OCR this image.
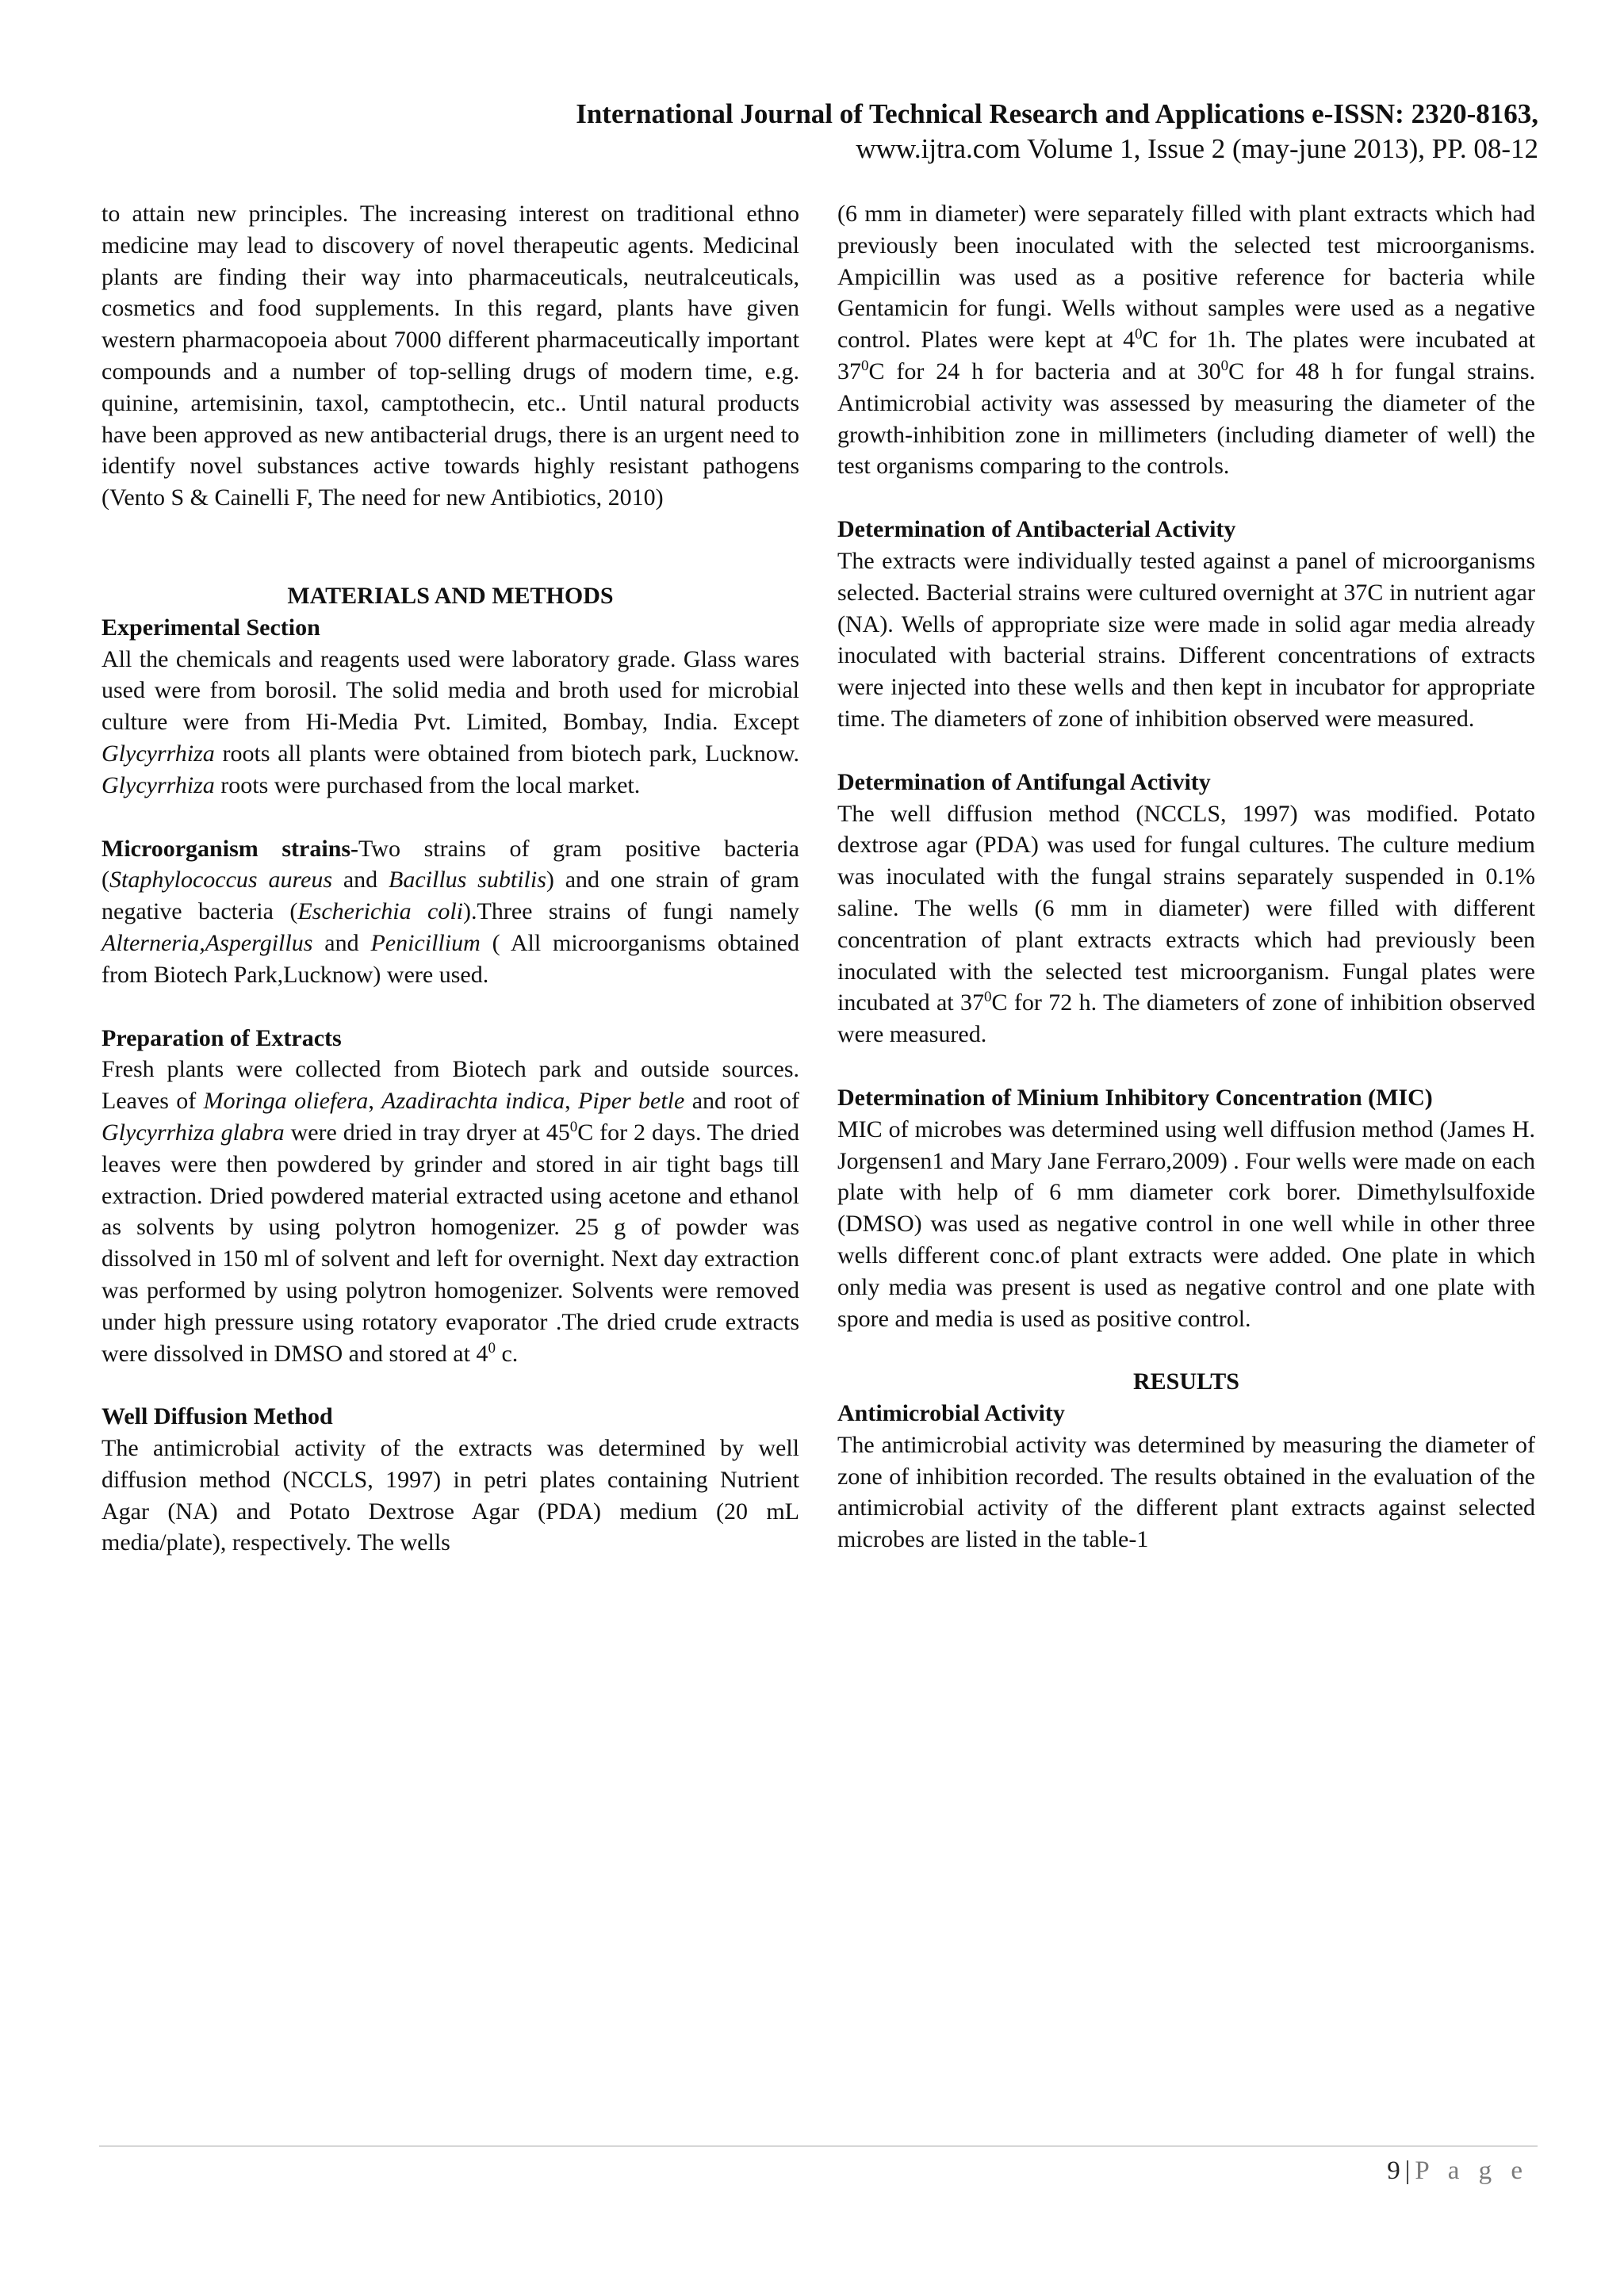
International Journal of Technical Research and Applications e-ISSN: 2320-8163,
www.ijtra.com Volume 1, Issue 2 (may-june 2013), PP. 08-12

to attain new principles. The increasing interest on traditional ethno medicine may lead to discovery of novel therapeutic agents. Medicinal plants are finding their way into pharmaceuticals, neutralceuticals, cosmetics and food supplements. In this regard, plants have given western pharmacopoeia about 7000 different pharmaceutically important compounds and a number of top-selling drugs of modern time, e.g. quinine, artemisinin, taxol, camptothecin, etc.. Until natural products have been approved as new antibacterial drugs, there is an urgent need to identify novel substances active towards highly resistant pathogens (Vento S & Cainelli F, The need for new Antibiotics, 2010)

MATERIALS AND METHODS
Experimental Section

All the chemicals and reagents used were laboratory grade. Glass wares used were from borosil. The solid media and broth used for microbial culture were from Hi-Media Pvt. Limited, Bombay, India. Except Glycyrrhiza roots all plants were obtained from biotech park, Lucknow. Glycyrrhiza roots were purchased from the local market.

Microorganism strains-Two strains of gram positive bacteria (Staphylococcus aureus and Bacillus subtilis) and one strain of gram negative bacteria (Escherichia coli).Three strains of fungi namely Alterneria,Aspergillus and Penicillium ( All microorganisms obtained from Biotech Park,Lucknow) were used.

Preparation of Extracts

Fresh plants were collected from Biotech park and outside sources. Leaves of Moringa oliefera, Azadirachta indica, Piper betle and root of Glycyrrhiza glabra were dried in tray dryer at $45^0C$ for 2 days. The dried leaves were then powdered by grinder and stored in air tight bags till extraction. Dried powdered material extracted using acetone and ethanol as solvents by using polytron homogenizer. 25 g of powder was dissolved in 150 ml of solvent and left for overnight. Next day extraction was performed by using polytron homogenizer. Solvents were removed under high pressure using rotatory evaporator .The dried crude extracts were dissolved in DMSO and stored at $4^0$ c.

Well Diffusion Method

The antimicrobial activity of the extracts was determined by well diffusion method (NCCLS, 1997) in petri plates containing Nutrient Agar (NA) and Potato Dextrose Agar (PDA) medium (20 mL media/plate), respectively. The wells

(6 mm in diameter) were separately filled with plant extracts which had previously been inoculated with the selected test microorganisms. Ampicillin was used as a positive reference for bacteria while Gentamicin for fungi. Wells without samples were used as a negative control. Plates were kept at $4^0C$ for 1h. The plates were incubated at $37^0C$ for 24 h for bacteria and at $30^0C$ for 48 h for fungal strains. Antimicrobial activity was assessed by measuring the diameter of the growth-inhibition zone in millimeters (including diameter of well) the test organisms comparing to the controls.

Determination of Antibacterial Activity

The extracts were individually tested against a panel of microorganisms selected. Bacterial strains were cultured overnight at 37C in nutrient agar (NA). Wells of appropriate size were made in solid agar media already inoculated with bacterial strains. Different concentrations of extracts were injected into these wells and then kept in incubator for appropriate time. The diameters of zone of inhibition observed were measured.

Determination of Antifungal Activity

The well diffusion method (NCCLS, 1997) was modified. Potato dextrose agar (PDA) was used for fungal cultures. The culture medium was inoculated with the fungal strains separately suspended in 0.1% saline. The wells (6 mm in diameter) were filled with different concentration of plant extracts extracts which had previously been inoculated with the selected test microorganism. Fungal plates were incubated at $37^0C$ for 72 h. The diameters of zone of inhibition observed were measured.

Determination of Minium Inhibitory Concentration (MIC)

MIC of microbes was determined using well diffusion method (James H. Jorgensen1 and Mary Jane Ferraro,2009) . Four wells were made on each plate with help of 6 mm diameter cork borer. Dimethylsulfoxide (DMSO) was used as negative control in one well while in other three wells different conc.of plant extracts were added. One plate in which only media was present is used as negative control and one plate with spore and media is used as positive control.

RESULTS
Antimicrobial Activity

The antimicrobial activity was determined by measuring the diameter of zone of inhibition recorded. The results obtained in the evaluation of the antimicrobial activity of the different plant extracts against selected microbes are listed in the table-1

9 | P a g e
